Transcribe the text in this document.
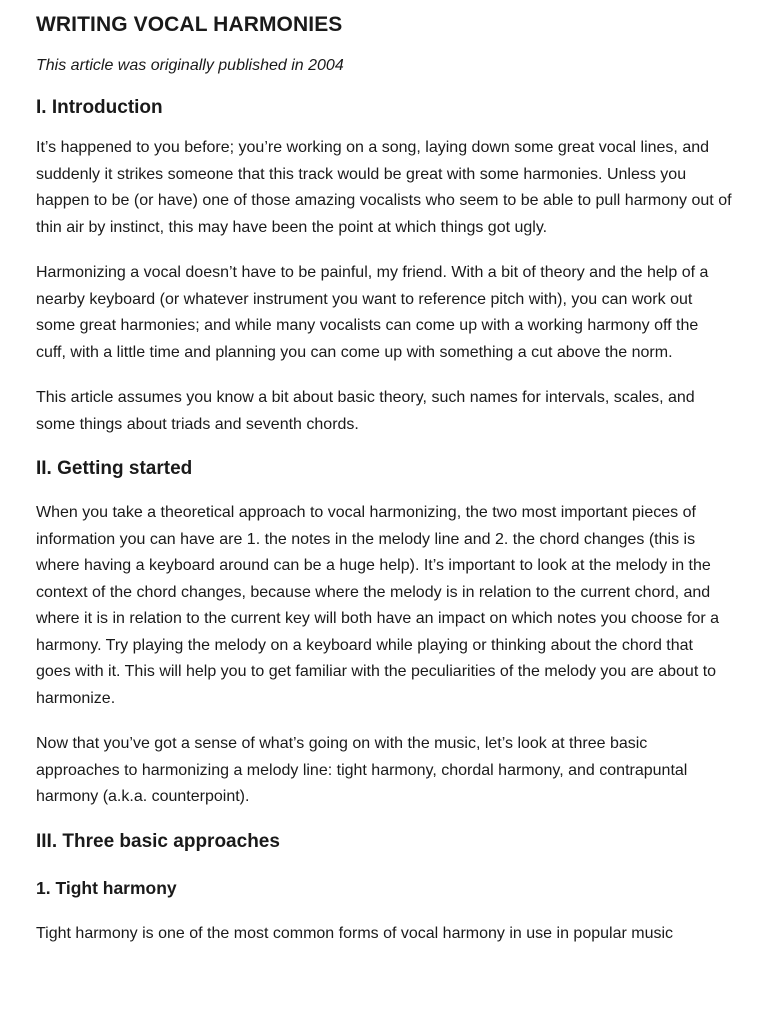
WRITING VOCAL HARMONIES

This article was originally published in 2004

I. Introduction

It’s happened to you before; you’re working on a song, laying down some great vocal lines, and suddenly it strikes someone that this track would be great with some harmonies. Unless you happen to be (or have) one of those amazing vocalists who seem to be able to pull harmony out of thin air by instinct, this may have been the point at which things got ugly.

Harmonizing a vocal doesn’t have to be painful, my friend. With a bit of theory and the help of a nearby keyboard (or whatever instrument you want to reference pitch with), you can work out some great harmonies; and while many vocalists can come up with a working harmony off the cuff, with a little time and planning you can come up with something a cut above the norm.

This article assumes you know a bit about basic theory, such names for intervals, scales, and some things about triads and seventh chords.

II. Getting started

When you take a theoretical approach to vocal harmonizing, the two most important pieces of information you can have are 1. the notes in the melody line and 2. the chord changes (this is where having a keyboard around can be a huge help). It’s important to look at the melody in the context of the chord changes, because where the melody is in relation to the current chord, and where it is in relation to the current key will both have an impact on which notes you choose for a harmony. Try playing the melody on a keyboard while playing or thinking about the chord that goes with it. This will help you to get familiar with the peculiarities of the melody you are about to harmonize.

Now that you’ve got a sense of what’s going on with the music, let’s look at three basic approaches to harmonizing a melody line: tight harmony, chordal harmony, and contrapuntal harmony (a.k.a. counterpoint).

III. Three basic approaches
1. Tight harmony

Tight harmony is one of the most common forms of vocal harmony in use in popular music
